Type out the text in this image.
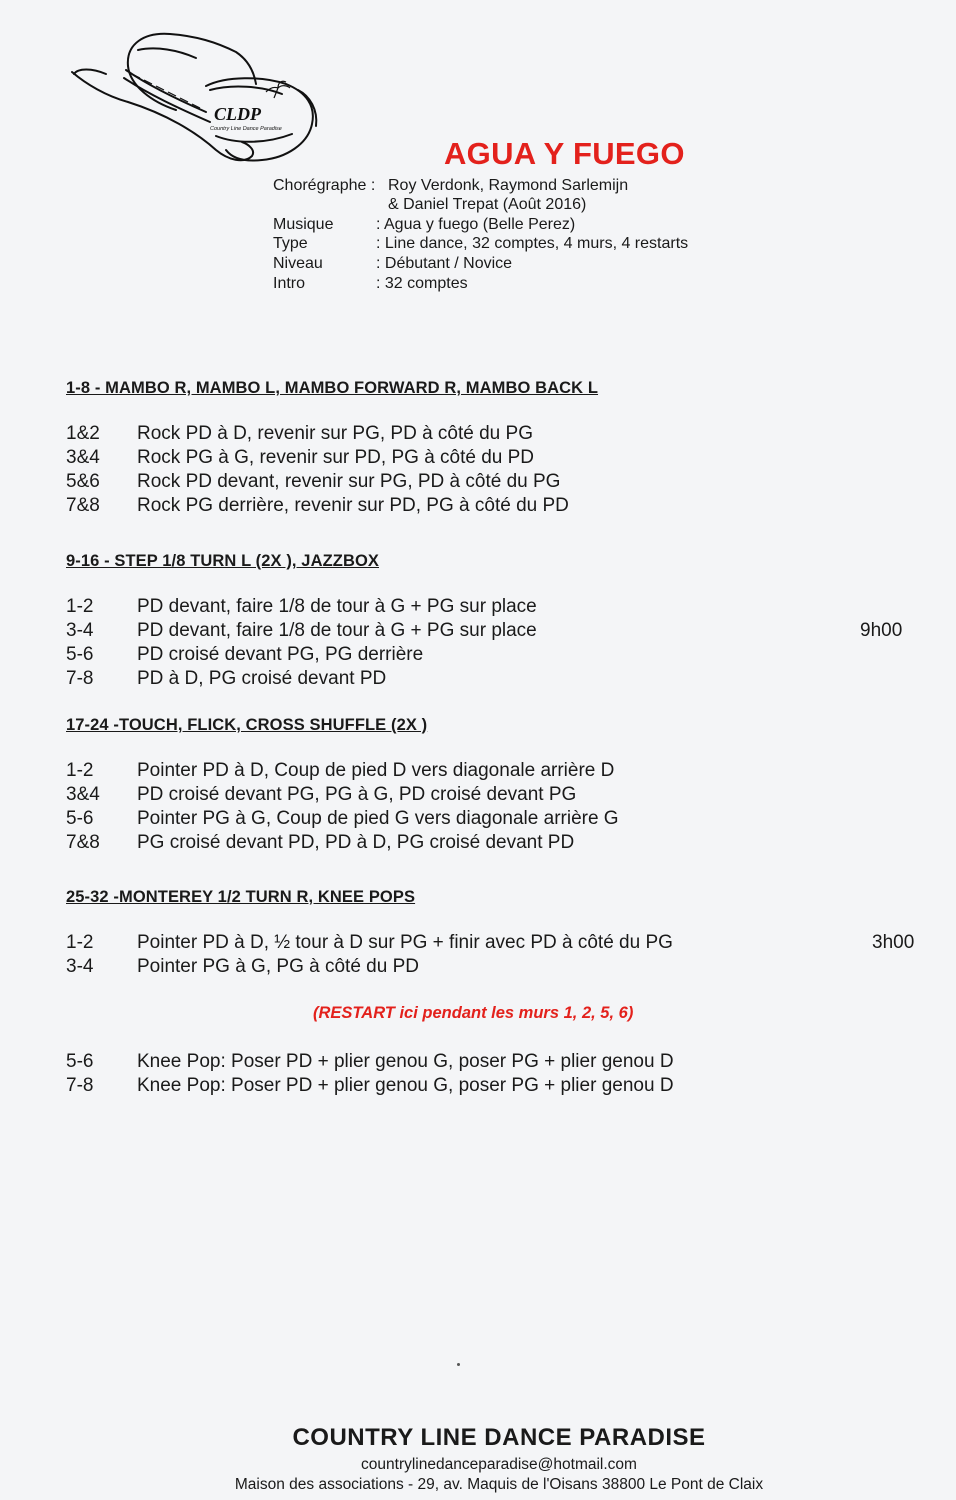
CLDP
Country Line Dance Paradise
AGUA Y FUEGO
Chorégraphe : Roy Verdonk, Raymond Sarlemijn
& Daniel Trepat (Août 2016)
Musique	: Agua y fuego (Belle Perez)
Type	: Line dance, 32 comptes, 4 murs, 4 restarts
Niveau	: Débutant / Novice
Intro	: 32 comptes
1-8 - MAMBO R, MAMBO L, MAMBO FORWARD R, MAMBO BACK L
1&2 Rock PD à D, revenir sur PG, PD à côté du PG
3&4 Rock PG à G, revenir sur PD, PG à côté du PD
5&6 Rock PD devant, revenir sur PG, PD à côté du PG
7&8 Rock PG derrière, revenir sur PD, PG à côté du PD
9-16 - STEP 1/8 TURN L (2X ), JAZZBOX
1-2 PD devant, faire 1/8 de tour à G + PG sur place
3-4 PD devant, faire 1/8 de tour à G + PG sur place	9h00
5-6 PD croisé devant PG, PG derrière
7-8 PD à D, PG croisé devant PD
17-24 -TOUCH, FLICK, CROSS SHUFFLE (2X )
1-2 Pointer PD à D, Coup de pied D vers diagonale arrière D
3&4 PD croisé devant PG, PG à G, PD croisé devant PG
5-6 Pointer PG à G, Coup de pied G vers diagonale arrière G
7&8 PG croisé devant PD, PD à D, PG croisé devant PD
25-32 -MONTEREY 1/2 TURN R, KNEE POPS
1-2 Pointer PD à D, ½ tour à D sur PG + finir avec PD à côté du PG	3h00
3-4 Pointer PG à G, PG à côté du PD
(RESTART ici pendant les murs 1, 2, 5, 6)
5-6 Knee Pop: Poser PD + plier genou G, poser PG + plier genou D
7-8 Knee Pop: Poser PD + plier genou G, poser PG + plier genou D
COUNTRY LINE DANCE PARADISE
countrylinedanceparadise@hotmail.com
Maison des associations - 29, av. Maquis de l'Oisans 38800 Le Pont de Claix
